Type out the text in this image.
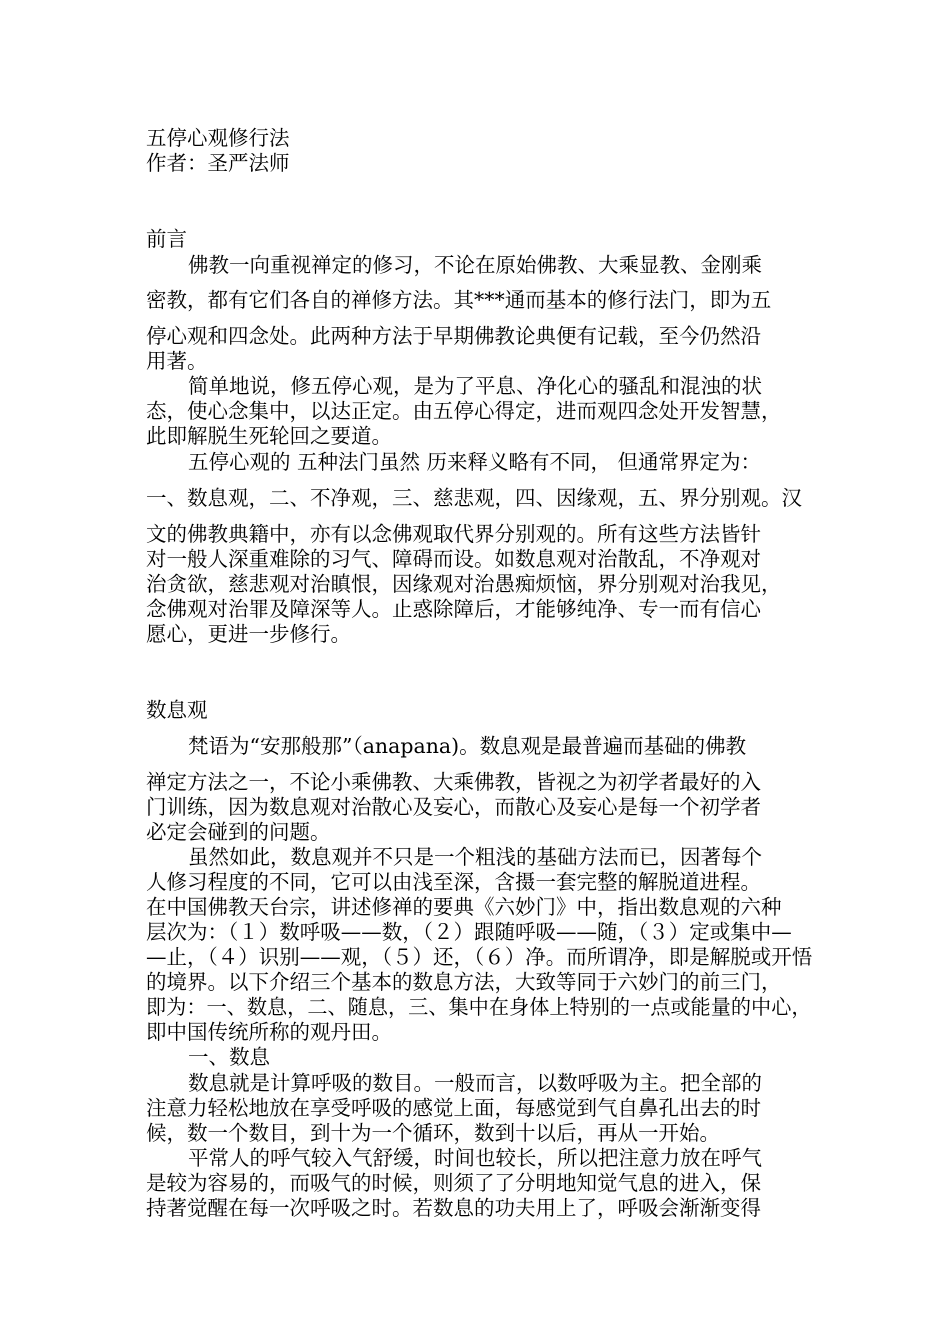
五停心观修行法
作者：圣严法师
前言
佛教一向重视禅定的修习，不论在原始佛教、大乘显教、金刚乘
密教，都有它们各自的禅修方法。其***通而基本的修行法门，即为五
停心观和四念处。此两种方法于早期佛教论典便有记载，至今仍然沿
用著。
简单地说，修五停心观，是为了平息、净化心的骚乱和混浊的状
态，使心念集中，以达正定。由五停心得定，进而观四念处开发智慧，
此即解脱生死轮回之要道。
五停心观的 五种法门虽然 历来释义略有不同， 但通常界定为：
一、数息观，二、不净观，三、慈悲观，四、因缘观，五、界分别观。汉
文的佛教典籍中，亦有以念佛观取代界分别观的。所有这些方法皆针
对一般人深重难除的习气、障碍而设。如数息观对治散乱，不净观对
治贪欲，慈悲观对治瞋恨，因缘观对治愚痴烦恼，界分别观对治我见，
念佛观对治罪及障深等人。止惑除障后，才能够纯净、专一而有信心
愿心，更进一步修行。
数息观
梵语为“安那般那”（anapana)。数息观是最普遍而基础的佛教
禅定方法之一，不论小乘佛教、大乘佛教，皆视之为初学者最好的入
门训练，因为数息观对治散心及妄心，而散心及妄心是每一个初学者
必定会碰到的问题。
虽然如此，数息观并不只是一个粗浅的基础方法而已，因著每个
人修习程度的不同，它可以由浅至深，含摄一套完整的解脱道进程。
在中国佛教天台宗，讲述修禅的要典《六妙门》中，指出数息观的六种
层次为：（１）数呼吸——数，（２）跟随呼吸——随，（３）定或集中—
—止，（４）识别——观，（５）还，（６）净。而所谓净，即是解脱或开悟
的境界。以下介绍三个基本的数息方法，大致等同于六妙门的前三门，
即为：一、数息，二、随息，三、集中在身体上特别的一点或能量的中心，
即中国传统所称的观丹田。
一、数息
数息就是计算呼吸的数目。一般而言，以数呼吸为主。把全部的
注意力轻松地放在享受呼吸的感觉上面，每感觉到气自鼻孔出去的时
候，数一个数目，到十为一个循环，数到十以后，再从一开始。
平常人的呼气较入气舒缓，时间也较长，所以把注意力放在呼气
是较为容易的，而吸气的时候，则须了了分明地知觉气息的进入，保
持著觉醒在每一次呼吸之时。若数息的功夫用上了，呼吸会渐渐变得
